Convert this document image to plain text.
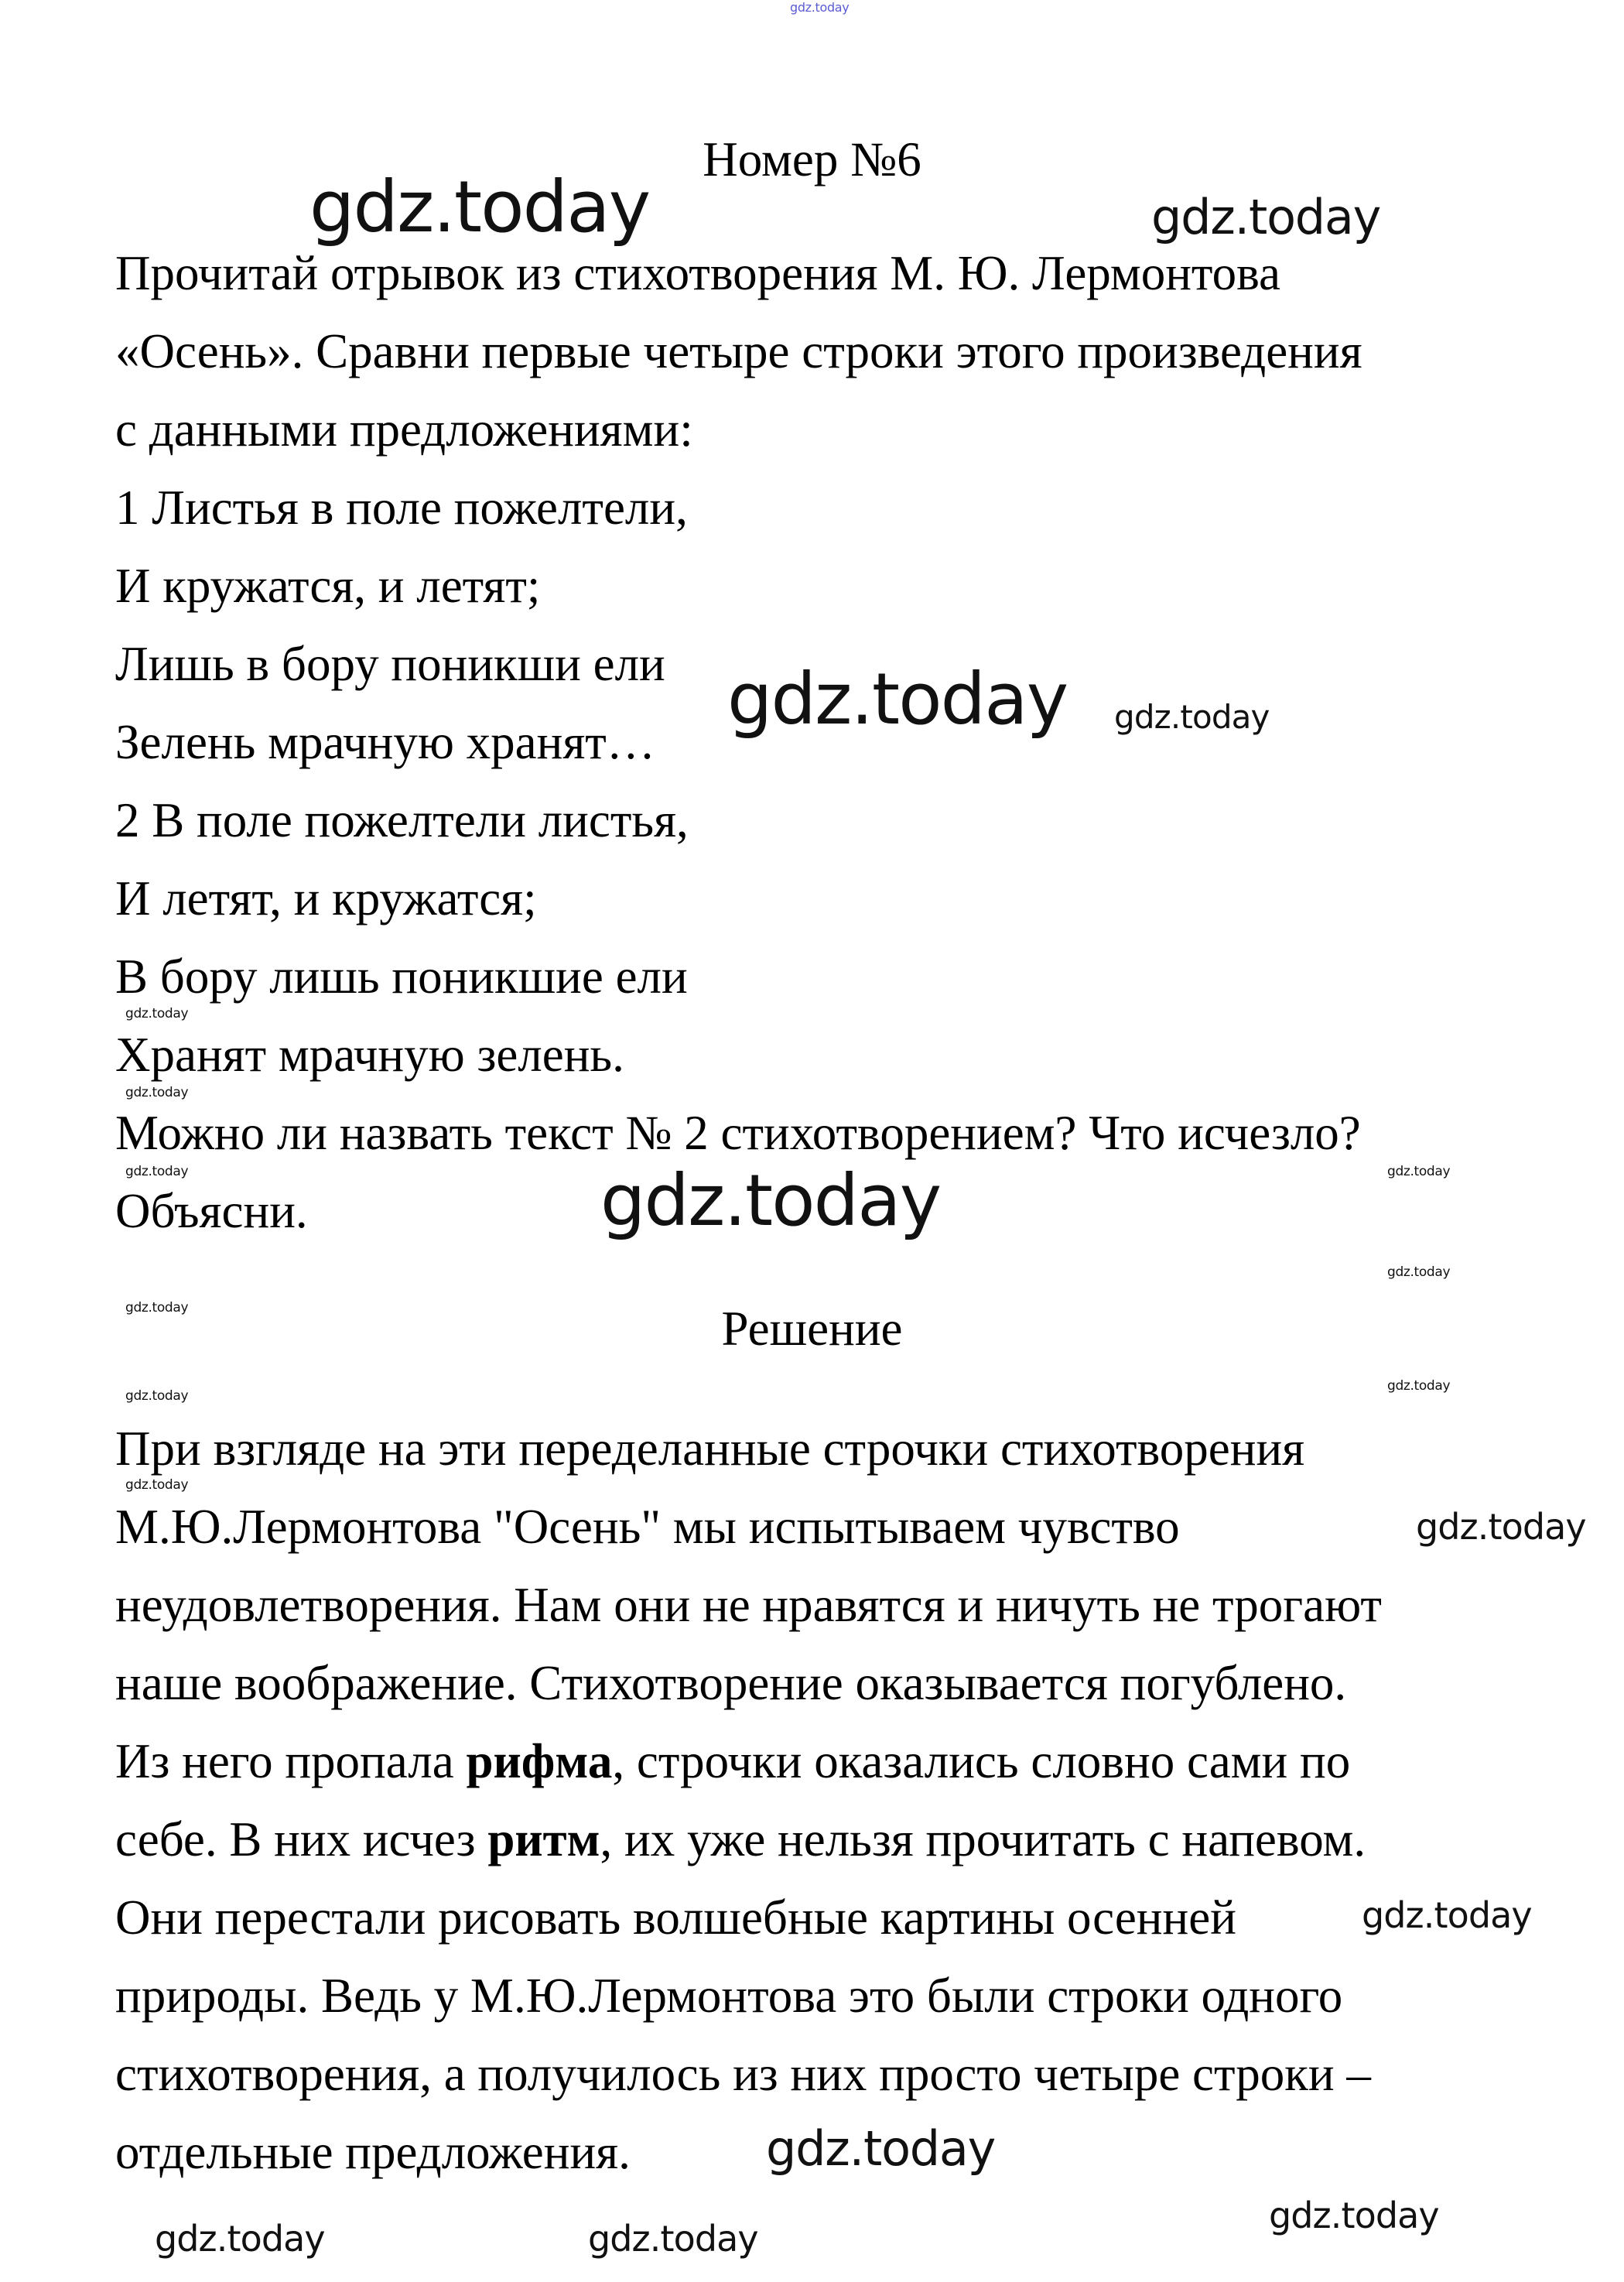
Номер №6
Прочитай отрывок из стихотворения М. Ю. Лермонтова
«Осень». Сравни первые четыре строки этого произведения
с данными предложениями:
1 Листья в поле пожелтели,
И кружатся, и летят;
Лишь в бору поникши ели
Зелень мрачную хранят…
2 В поле пожелтели листья,
И летят, и кружатся;
В бору лишь поникшие ели
Хранят мрачную зелень.
Можно ли назвать текст № 2 стихотворением? Что исчезло?
Объясни.
Решение
При взгляде на эти переделанные строчки стихотворения
М.Ю.Лермонтова "Осень" мы испытываем чувство
неудовлетворения. Нам они не нравятся и ничуть не трогают
наше воображение. Стихотворение оказывается погублено.
Из него пропала рифма, строчки оказались словно сами по
себе. В них исчез ритм, их уже нельзя прочитать с напевом.
Они перестали рисовать волшебные картины осенней
природы. Ведь у М.Ю.Лермонтова это были строки одного
стихотворения, а получилось из них просто четыре строки –
отдельные предложения.
gdz.today
gdz.today	gdz.today
gdz.today gdz.today
gdz.today
gdz.today
gdz.today	gdz.today	gdz.today
gdz.today
gdz.today
gdz.today
gdz.today
gdz.today
gdz.today
gdz.today
gdz.today	gdz.today
gdz.today
gdz.today
